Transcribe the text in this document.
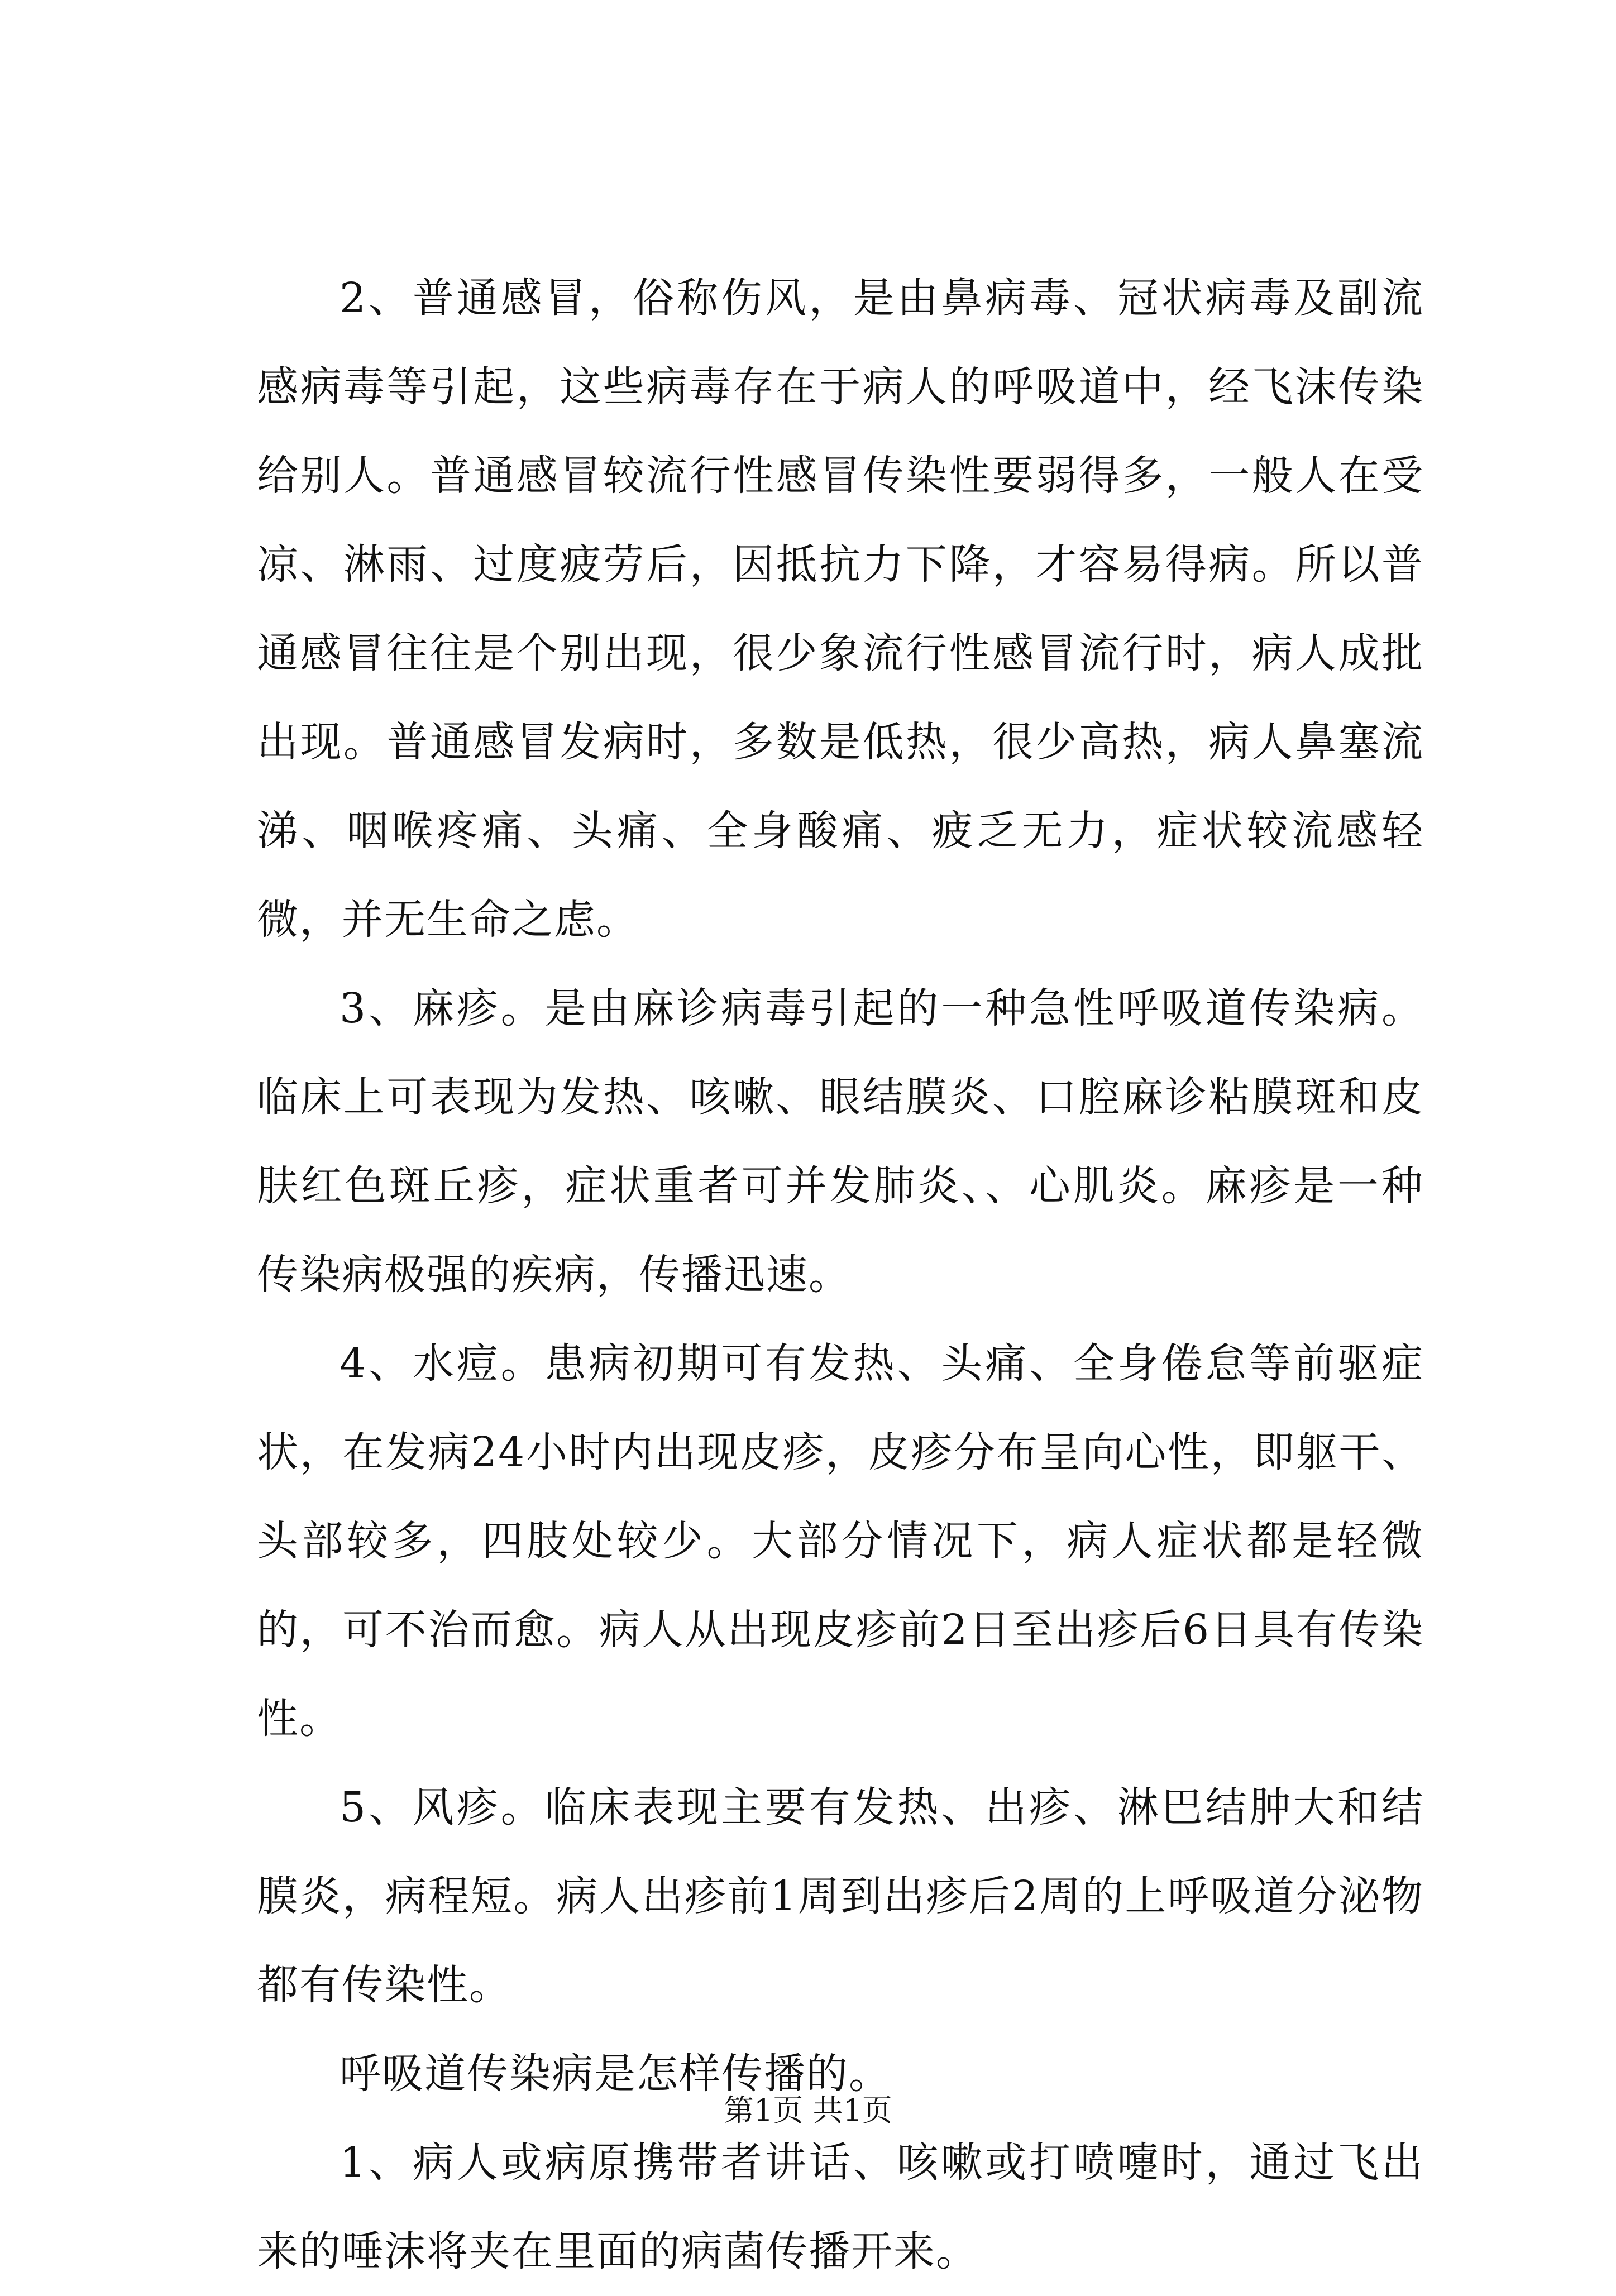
2、普通感冒，俗称伤风，是由鼻病毒、冠状病毒及副流感病毒等引起，这些病毒存在于病人的呼吸道中，经飞沫传染给别人。普通感冒较流行性感冒传染性要弱得多，一般人在受凉、淋雨、过度疲劳后，因抵抗力下降，才容易得病。所以普通感冒往往是个别出现，很少象流行性感冒流行时，病人成批出现。普通感冒发病时，多数是低热，很少高热，病人鼻塞流涕、咽喉疼痛、头痛、全身酸痛、疲乏无力，症状较流感轻微，并无生命之虑。

3、麻疹。是由麻诊病毒引起的一种急性呼吸道传染病。临床上可表现为发热、咳嗽、眼结膜炎、口腔麻诊粘膜斑和皮肤红色斑丘疹，症状重者可并发肺炎、、心肌炎。麻疹是一种传染病极强的疾病，传播迅速。

4、水痘。患病初期可有发热、头痛、全身倦怠等前驱症状，在发病24小时内出现皮疹，皮疹分布呈向心性，即躯干、头部较多，四肢处较少。大部分情况下，病人症状都是轻微的，可不治而愈。病人从出现皮疹前2日至出疹后6日具有传染性。

5、风疹。临床表现主要有发热、出疹、淋巴结肿大和结膜炎，病程短。病人出疹前1周到出疹后2周的上呼吸道分泌物都有传染性。

呼吸道传染病是怎样传播的。

1、病人或病原携带者讲话、咳嗽或打喷嚏时，通过飞出来的唾沫将夹在里面的病菌传播开来。

第1页 共1页
